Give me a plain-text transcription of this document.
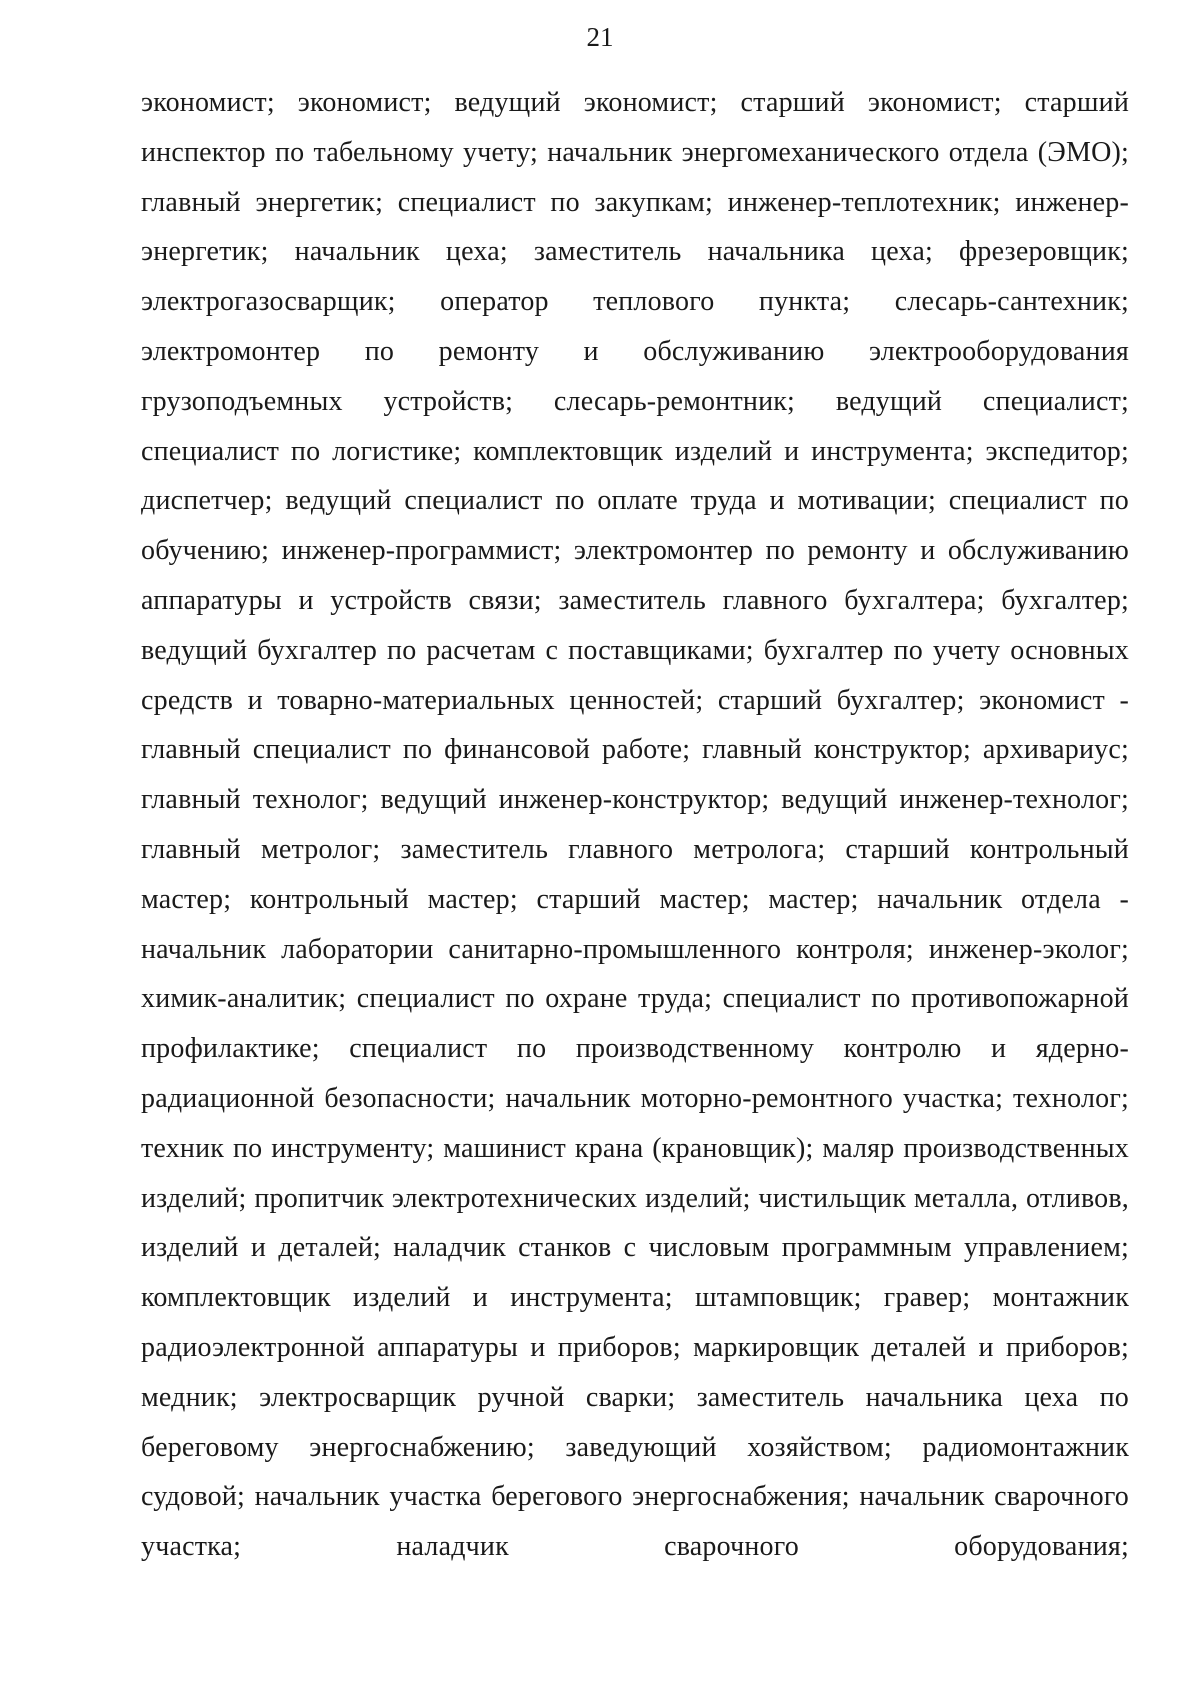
21

экономист; экономист; ведущий экономист; старший экономист; старший инспектор по табельному учету; начальник энергомеханического отдела (ЭМО); главный энергетик; специалист по закупкам; инженер-теплотехник; инженер-энергетик; начальник цеха; заместитель начальника цеха; фрезеровщик; электрогазосварщик; оператор теплового пункта; слесарь-сантехник; электромонтер по ремонту и обслуживанию электрооборудования грузоподъемных устройств; слесарь-ремонтник; ведущий специалист; специалист по логистике; комплектовщик изделий и инструмента; экспедитор; диспетчер; ведущий специалист по оплате труда и мотивации; специалист по обучению; инженер-программист; электромонтер по ремонту и обслуживанию аппаратуры и устройств связи; заместитель главного бухгалтера; бухгалтер; ведущий бухгалтер по расчетам с поставщиками; бухгалтер по учету основных средств и товарно-материальных ценностей; старший бухгалтер; экономист - главный специалист по финансовой работе; главный конструктор; архивариус; главный технолог; ведущий инженер-конструктор; ведущий инженер-технолог; главный метролог; заместитель главного метролога; старший контрольный мастер; контрольный мастер; старший мастер; мастер; начальник отдела - начальник лаборатории санитарно-промышленного контроля; инженер-эколог; химик-аналитик; специалист по охране труда; специалист по противопожарной профилактике; специалист по производственному контролю и ядерно-радиационной безопасности; начальник моторно-ремонтного участка; технолог; техник по инструменту; машинист крана (крановщик); маляр производственных изделий; пропитчик электротехнических изделий; чистильщик металла, отливов, изделий и деталей; наладчик станков с числовым программным управлением; комплектовщик изделий и инструмента; штамповщик; гравер; монтажник радиоэлектронной аппаратуры и приборов; маркировщик деталей и приборов; медник; электросварщик ручной сварки; заместитель начальника цеха по береговому энергоснабжению; заведующий хозяйством; радиомонтажник судовой; начальник участка берегового энергоснабжения; начальник сварочного участка; наладчик сварочного оборудования;
